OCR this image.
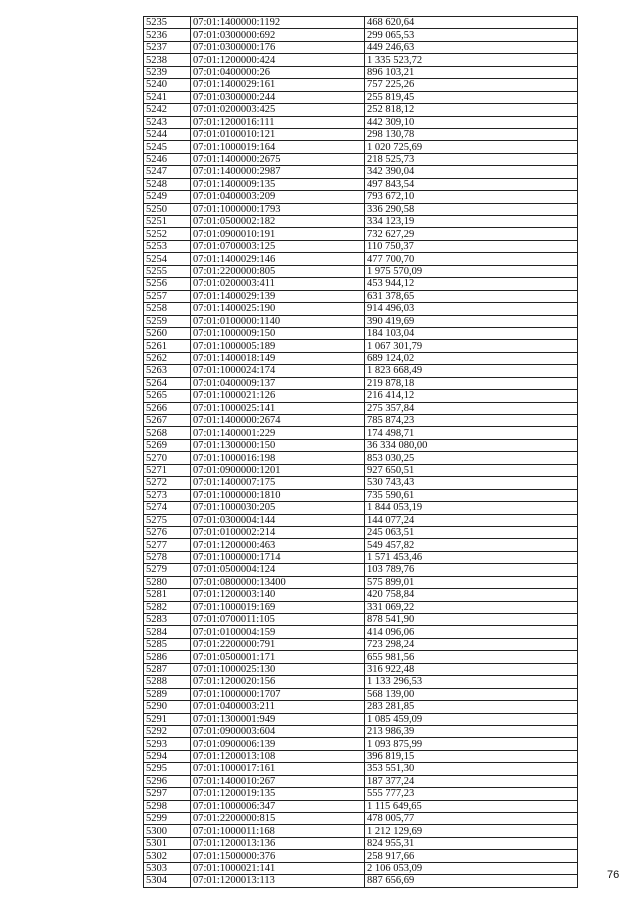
5235	07:01:1400000:1192	468 620,64
5236	07:01:0300000:692	299 065,53
5237	07:01:0300000:176	449 246,63
5238	07:01:1200000:424	1 335 523,72
5239	07:01:0400000:26	896 103,21
5240	07:01:1400029:161	757 225,26
5241	07:01:0300000:244	255 819,45
5242	07:01:0200003:425	252 818,12
5243	07:01:1200016:111	442 309,10
5244	07:01:0100010:121	298 130,78
5245	07:01:1000019:164	1 020 725,69
5246	07:01:1400000:2675	218 525,73
5247	07:01:1400000:2987	342 390,04
5248	07:01:1400009:135	497 843,54
5249	07:01:0400003:209	793 672,10
5250	07:01:1000000:1793	336 290,58
5251	07:01:0500002:182	334 123,19
5252	07:01:0900010:191	732 627,29
5253	07:01:0700003:125	110 750,37
5254	07:01:1400029:146	477 700,70
5255	07:01:2200000:805	1 975 570,09
5256	07:01:0200003:411	453 944,12
5257	07:01:1400029:139	631 378,65
5258	07:01:1400025:190	914 496,03
5259	07:01:0100000:1140	390 419,69
5260	07:01:1000009:150	184 103,04
5261	07:01:1000005:189	1 067 301,79
5262	07:01:1400018:149	689 124,02
5263	07:01:1000024:174	1 823 668,49
5264	07:01:0400009:137	219 878,18
5265	07:01:1000021:126	216 414,12
5266	07:01:1000025:141	275 357,84
5267	07:01:1400000:2674	785 874,23
5268	07:01:1400001:229	174 498,71
5269	07:01:1300000:150	36 334 080,00
5270	07:01:1000016:198	853 030,25
5271	07:01:0900000:1201	927 650,51
5272	07:01:1400007:175	530 743,43
5273	07:01:1000000:1810	735 590,61
5274	07:01:1000030:205	1 844 053,19
5275	07:01:0300004:144	144 077,24
5276	07:01:0100002:214	245 063,51
5277	07:01:1200000:463	549 457,82
5278	07:01:1000000:1714	1 571 453,46
5279	07:01:0500004:124	103 789,76
5280	07:01:0800000:13400	575 899,01
5281	07:01:1200003:140	420 758,84
5282	07:01:1000019:169	331 069,22
5283	07:01:0700011:105	878 541,90
5284	07:01:0100004:159	414 096,06
5285	07:01:2200000:791	723 298,24
5286	07:01:0500001:171	655 981,56
5287	07:01:1000025:130	316 922,48
5288	07:01:1200020:156	1 133 296,53
5289	07:01:1000000:1707	568 139,00
5290	07:01:0400003:211	283 281,85
5291	07:01:1300001:949	1 085 459,09
5292	07:01:0900003:604	213 986,39
5293	07:01:0900006:139	1 093 875,99
5294	07:01:1200013:108	396 819,15
5295	07:01:1000017:161	353 551,30
5296	07:01:1400010:267	187 377,24
5297	07:01:1200019:135	555 777,23
5298	07:01:1000006:347	1 115 649,65
5299	07:01:2200000:815	478 005,77
5300	07:01:1000011:168	1 212 129,69
5301	07:01:1200013:136	824 955,31
5302	07:01:1500000:376	258 917,66
5303	07:01:1000021:141	2 106 053,09
5304	07:01:1200013:113	887 656,69	76
